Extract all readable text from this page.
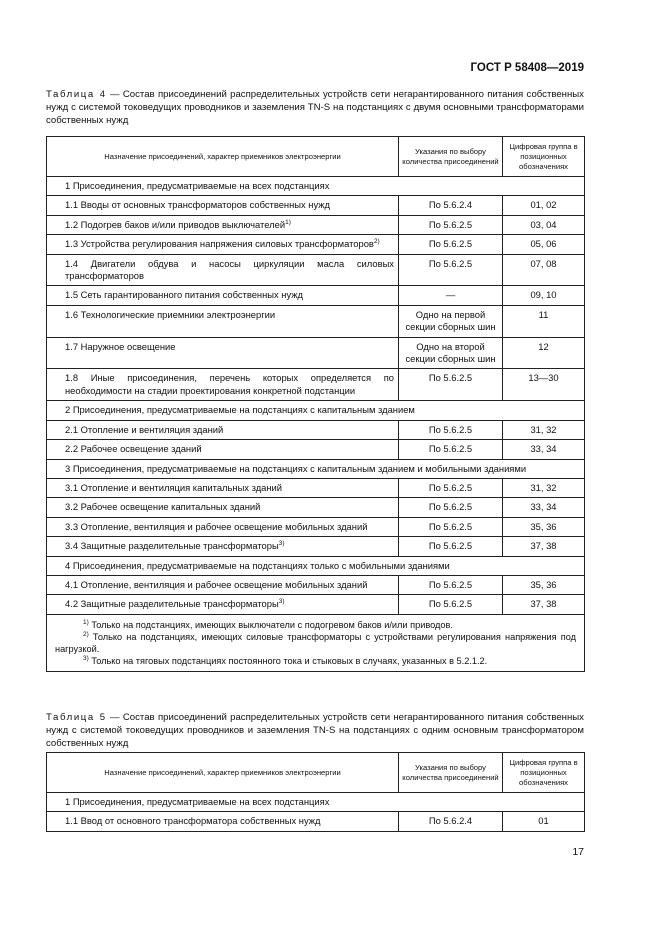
ГОСТ Р 58408—2019
Таблица 4 — Состав присоединений распределительных устройств сети негарантированного питания собственных нужд с системой токоведущих проводников и заземления TN-S на подстанциях с двумя основными трансформаторами собственных нужд
Назначение присоединений, характер приемников электроэнергии	Указания по выбору количества присоединений	Цифровая группа в позиционных обозначениях
1 Присоединения, предусматриваемые на всех подстанциях		
1.1 Вводы от основных трансформаторов собственных нужд	По 5.6.2.4	01, 02
1.2 Подогрев баков и/или приводов выключателей$^{1)}$	По 5.6.2.5	03, 04
1.3 Устройства регулирования напряжения силовых трансформаторов$^{2)}$	По 5.6.2.5	05, 06
1.4 Двигатели обдува и насосы циркуляции масла силовых трансформаторов	По 5.6.2.5	07, 08
1.5 Сеть гарантированного питания собственных нужд	—	09, 10
1.6 Технологические приемники электроэнергии	Одно на первой секции сборных шин	11
1.7 Наружное освещение	Одно на второй секции сборных шин	12
1.8 Иные присоединения, перечень которых определяется по необходимости на стадии проектирования конкретной подстанции	По 5.6.2.5	13—30
2 Присоединения, предусматриваемые на подстанциях с капитальным зданием		
2.1 Отопление и вентиляция зданий	По 5.6.2.5	31, 32
2.2 Рабочее освещение зданий	По 5.6.2.5	33, 34
3 Присоединения, предусматриваемые на подстанциях с капитальным зданием и мобильными зданиями		
3.1 Отопление и вентиляция капитальных зданий	По 5.6.2.5	31, 32
3.2 Рабочее освещение капитальных зданий	По 5.6.2.5	33, 34
3.3 Отопление, вентиляция и рабочее освещение мобильных зданий	По 5.6.2.5	35, 36
3.4 Защитные разделительные трансформаторы$^{3)}$	По 5.6.2.5	37, 38
4 Присоединения, предусматриваемые на подстанциях только с мобильными зданиями		
4.1 Отопление, вентиляция и рабочее освещение мобильных зданий	По 5.6.2.5	35, 36
4.2 Защитные разделительные трансформаторы$^{3)}$	По 5.6.2.5	37, 38

$^{1)}$ Только на подстанциях, имеющих выключатели с подогревом баков и/или приводов.
$^{2)}$ Только на подстанциях, имеющих силовые трансформаторы с устройствами регулирования напряжения под нагрузкой.
$^{3)}$ Только на тяговых подстанциях постоянного тока и стыковых в случаях, указанных в 5.2.1.2.		
Таблица 5 — Состав присоединений распределительных устройств сети негарантированного питания собственных нужд с системой токоведущих проводников и заземления TN-S на подстанциях с одним основным трансформатором собственных нужд
Назначение присоединений, характер приемников электроэнергии	Указания по выбору количества присоединений	Цифровая группа в позиционных обозначениях
1 Присоединения, предусматриваемые на всех подстанциях		
1.1 Ввод от основного трансформатора собственных нужд	По 5.6.2.4	01
17
